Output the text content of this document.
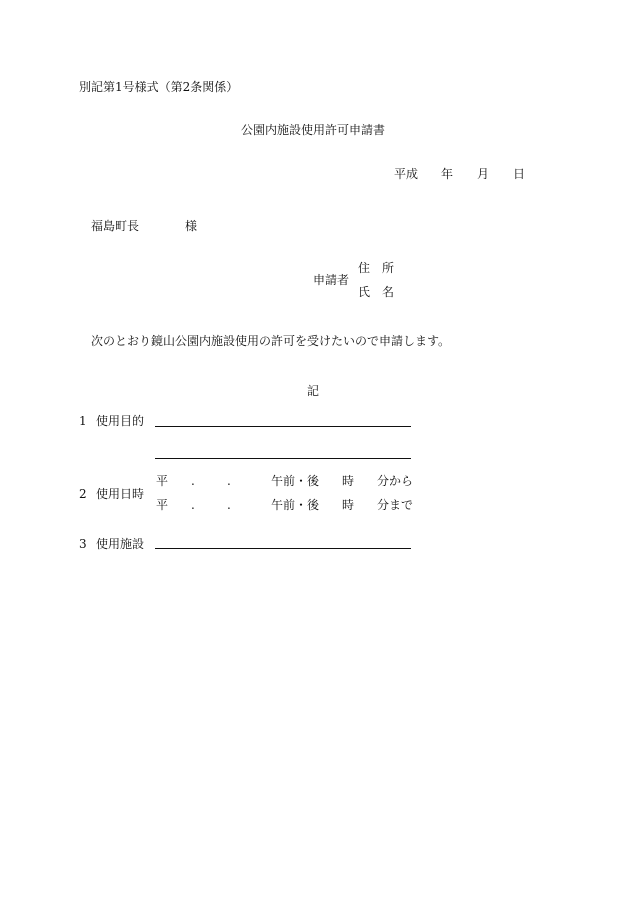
別記第1号様式（第2条関係）
公園内施設使用許可申請書
平成 年 月 日
福島町長	様
申請者
住　所
氏　名
次のとおり鏡山公園内施設使用の許可を受けたいので申請します。
記
1 使用目的
2 使用日時
平 .	.	午前・後 時 分から
平 .	.	午前・後 時 分まで
3 使用施設
